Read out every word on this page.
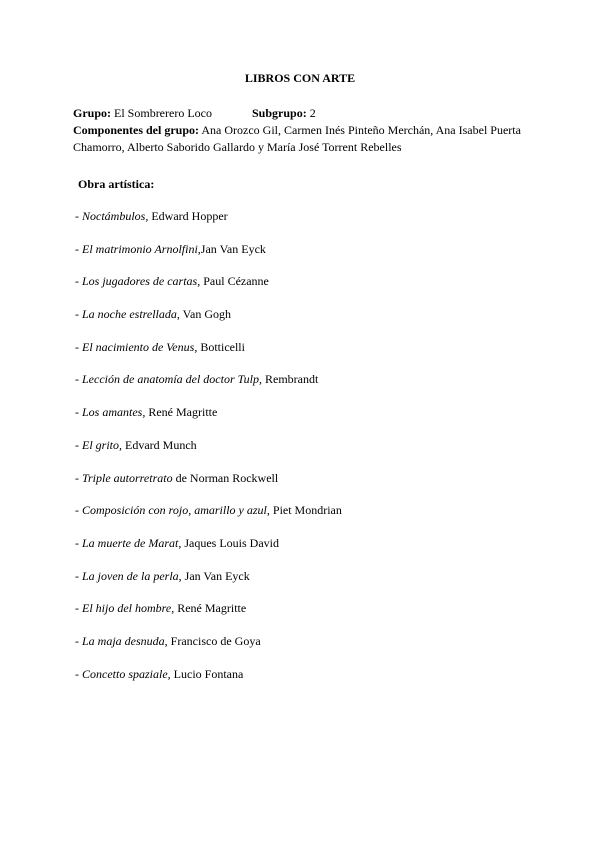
LIBROS CON ARTE
Grupo: El Sombrerero Loco	Subgrupo: 2
Componentes del grupo: Ana Orozco Gil, Carmen Inés Pinteño Merchán, Ana Isabel Puerta
Chamorro, Alberto Saborido Gallardo y María José Torrent Rebelles
Obra artística:
- Noctámbulos, Edward Hopper
- El matrimonio Arnolfini,Jan Van Eyck
- Los jugadores de cartas, Paul Cézanne
- La noche estrellada, Van Gogh
- El nacimiento de Venus, Botticelli
- Lección de anatomía del doctor Tulp, Rembrandt
- Los amantes, René Magritte
- El grito, Edvard Munch
- Triple autorretrato de Norman Rockwell
- Composición con rojo, amarillo y azul, Piet Mondrian
- La muerte de Marat, Jaques Louis David
- La joven de la perla, Jan Van Eyck
- El hijo del hombre, René Magritte
- La maja desnuda, Francisco de Goya
- Concetto spaziale, Lucio Fontana
